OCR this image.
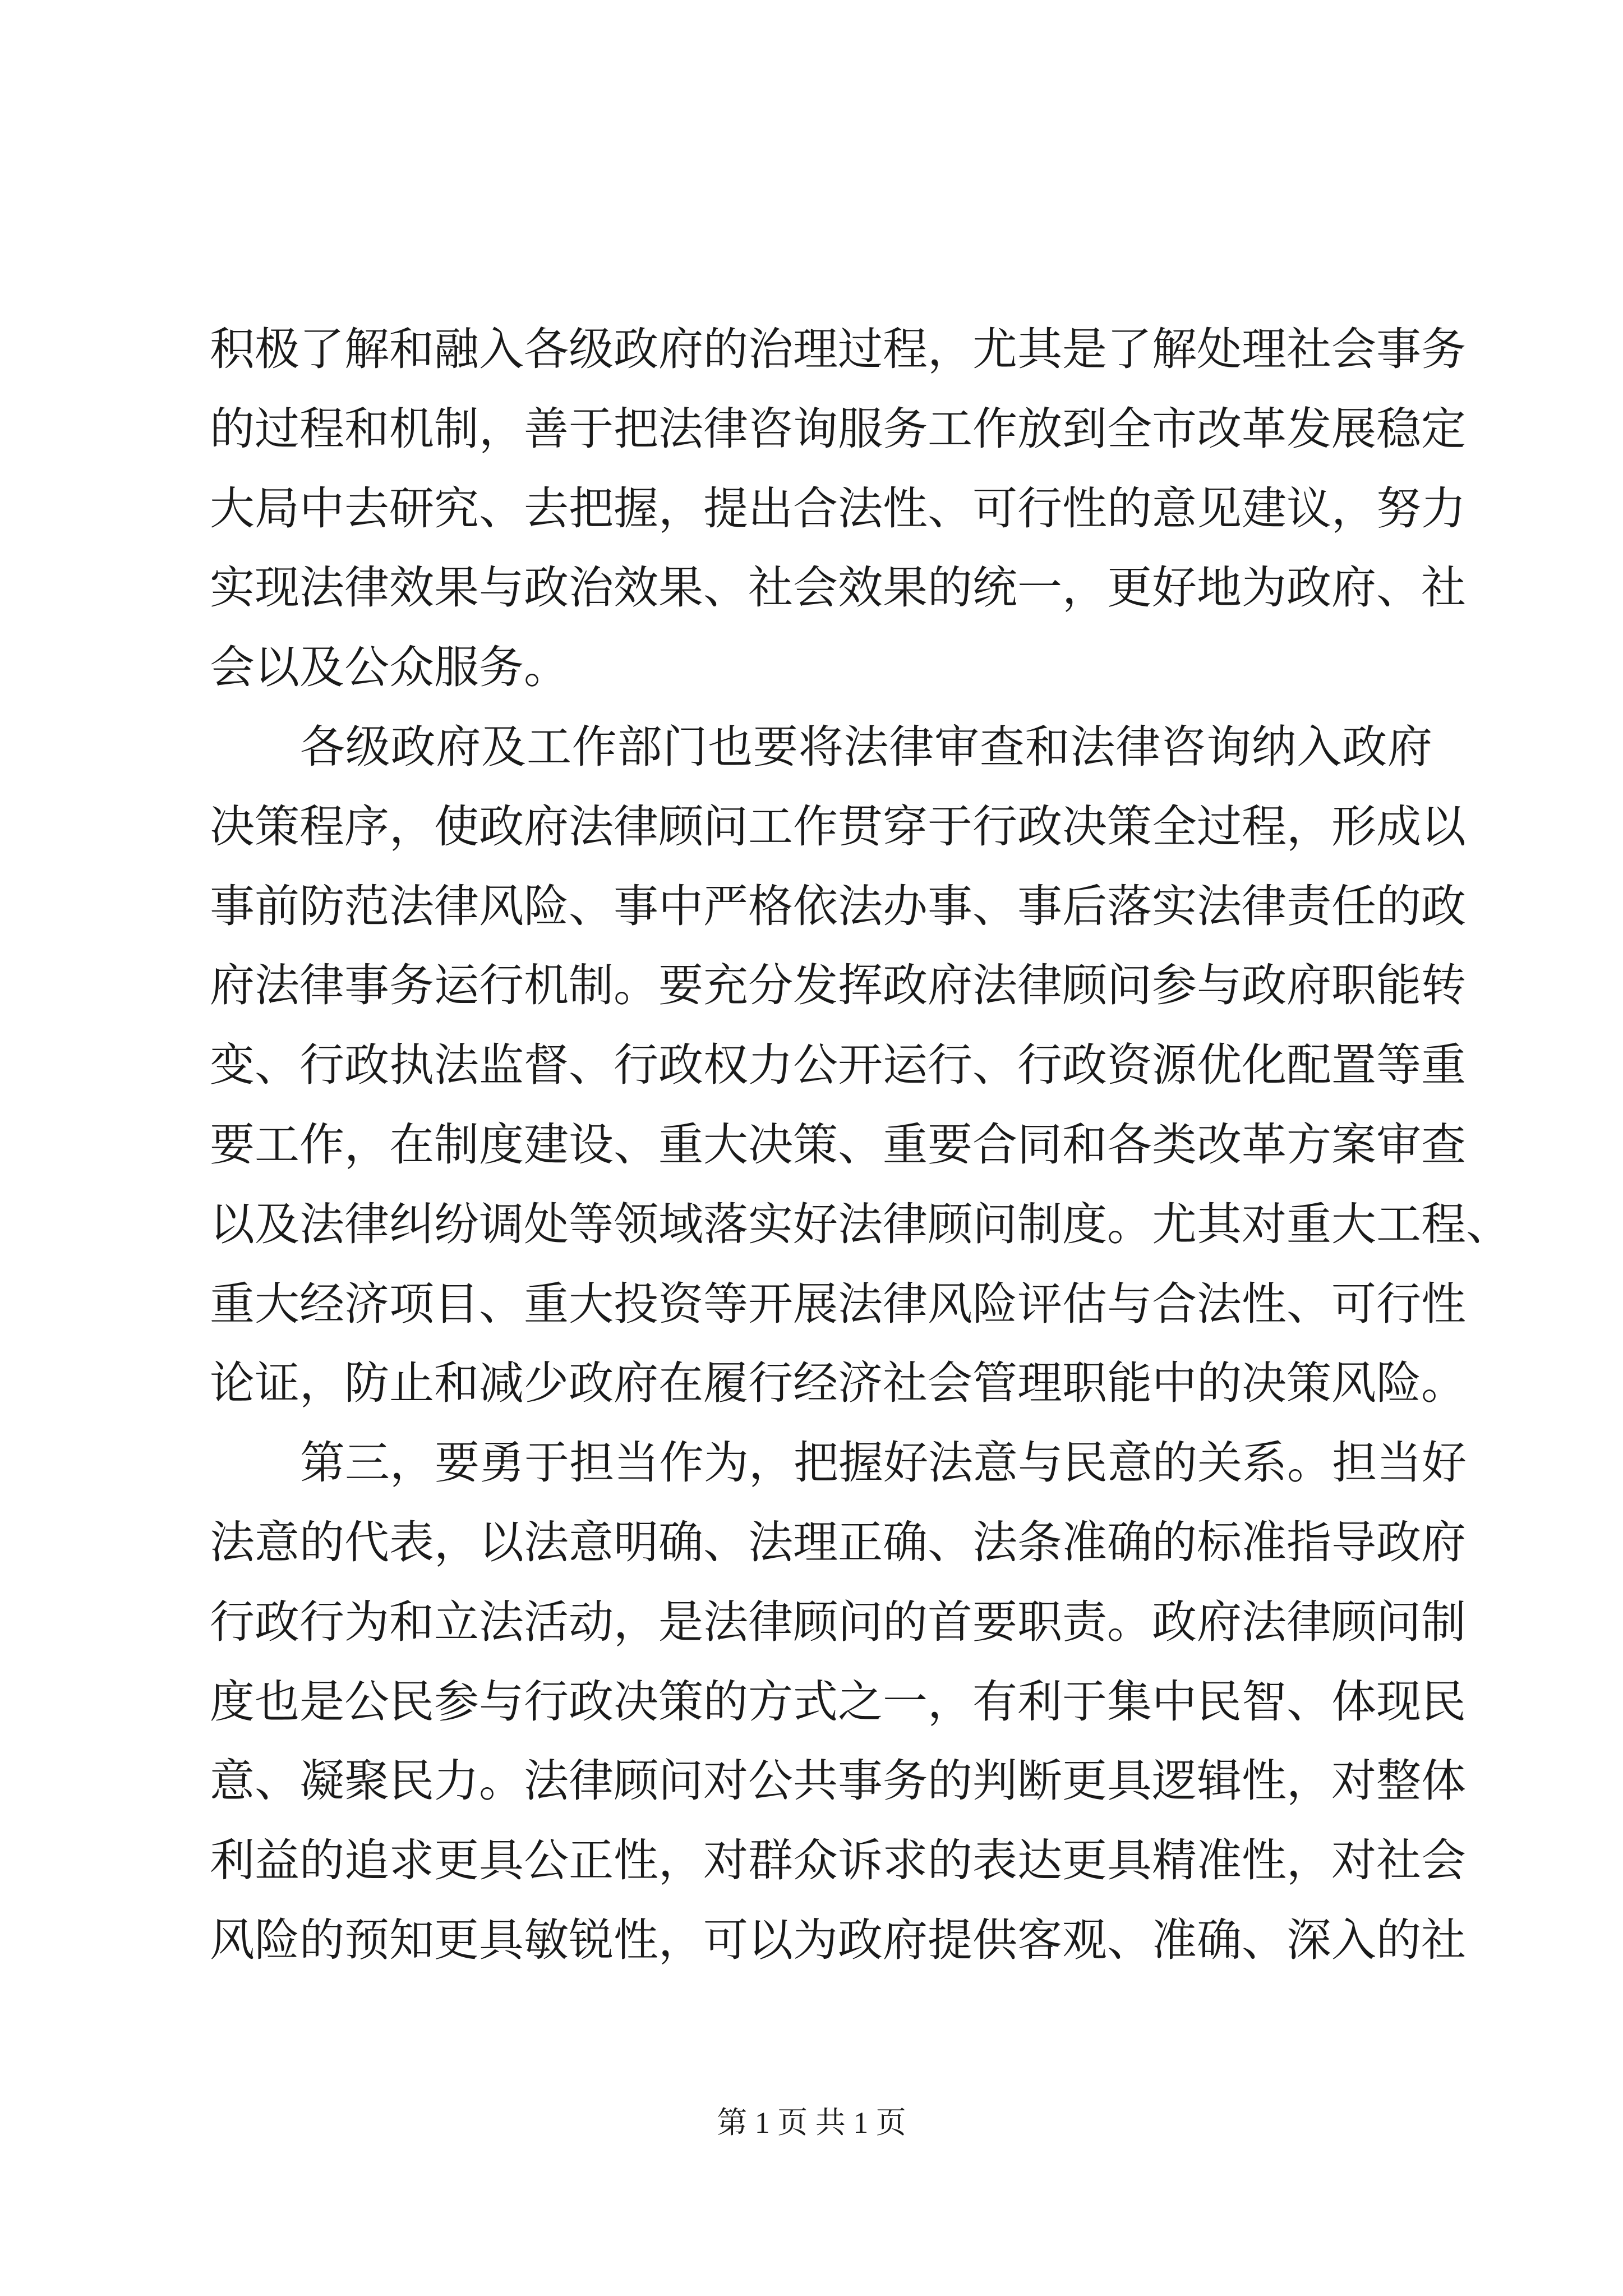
积极了解和融入各级政府的治理过程，尤其是了解处理社会事务
的过程和机制，善于把法律咨询服务工作放到全市改革发展稳定
大局中去研究、去把握，提出合法性、可行性的意见建议，努力
实现法律效果与政治效果、社会效果的统一，更好地为政府、社
会以及公众服务。
各级政府及工作部门也要将法律审查和法律咨询纳入政府
决策程序，使政府法律顾问工作贯穿于行政决策全过程，形成以
事前防范法律风险、事中严格依法办事、事后落实法律责任的政
府法律事务运行机制。要充分发挥政府法律顾问参与政府职能转
变、行政执法监督、行政权力公开运行、行政资源优化配置等重
要工作，在制度建设、重大决策、重要合同和各类改革方案审查
以及法律纠纷调处等领域落实好法律顾问制度。尤其对重大工程、
重大经济项目、重大投资等开展法律风险评估与合法性、可行性
论证，防止和减少政府在履行经济社会管理职能中的决策风险。
第三，要勇于担当作为，把握好法意与民意的关系。担当好
法意的代表，以法意明确、法理正确、法条准确的标准指导政府
行政行为和立法活动，是法律顾问的首要职责。政府法律顾问制
度也是公民参与行政决策的方式之一，有利于集中民智、体现民
意、凝聚民力。法律顾问对公共事务的判断更具逻辑性，对整体
利益的追求更具公正性，对群众诉求的表达更具精准性，对社会
风险的预知更具敏锐性，可以为政府提供客观、准确、深入的社
第 1 页 共 1 页
